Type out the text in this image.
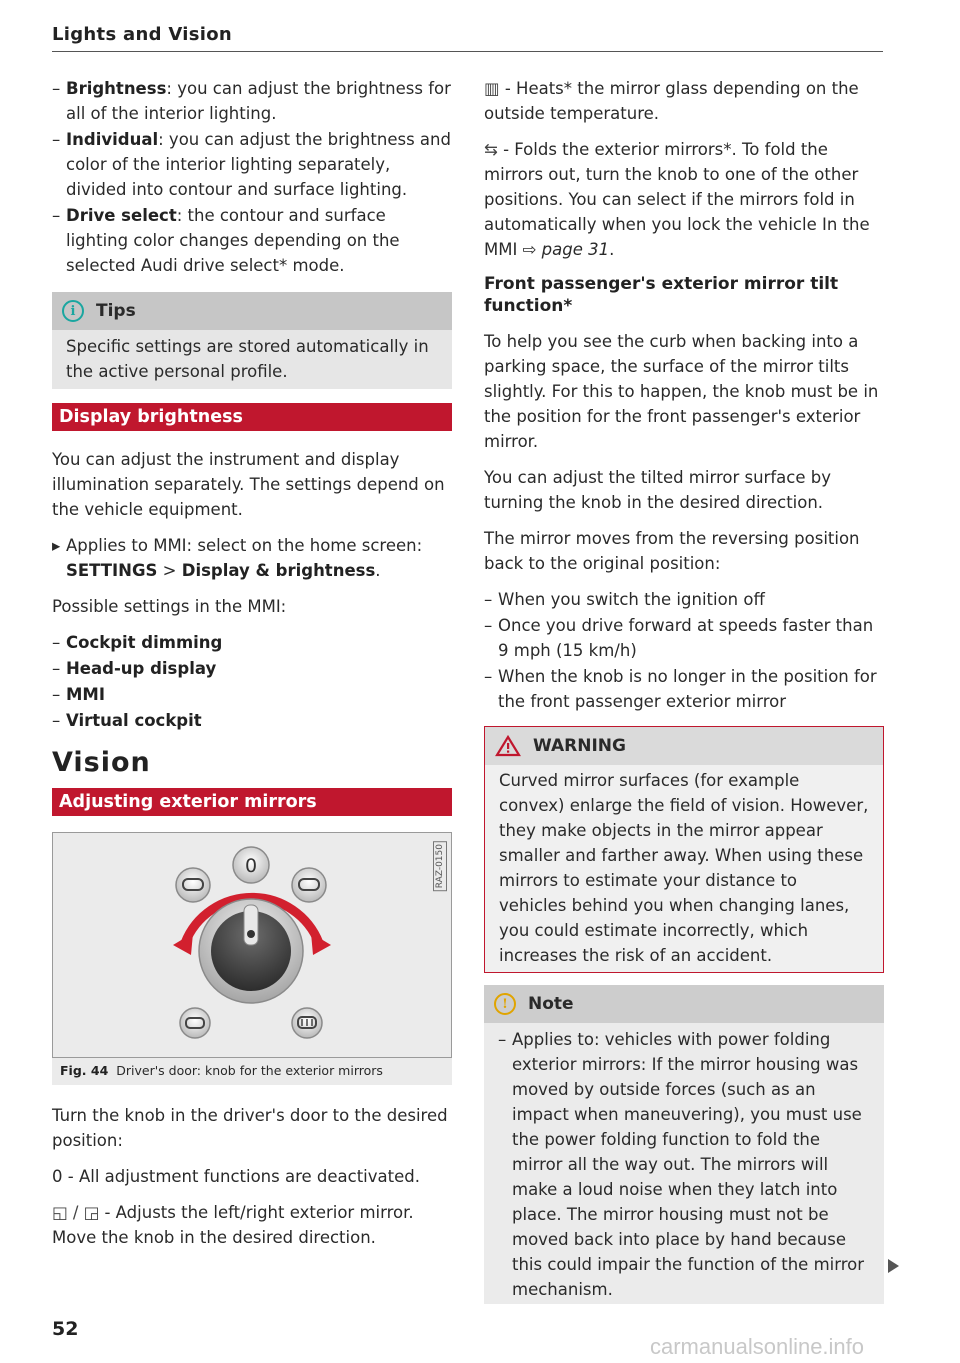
Lights and Vision
– Brightness: you can adjust the brightness for all of the interior lighting.
– Individual: you can adjust the brightness and color of the interior lighting separately, divided into contour and surface lighting.
– Drive select: the contour and surface lighting color changes depending on the selected Audi drive select* mode.
i	Tips

Specific settings are stored automatically in the active personal profile.

Display brightness

You can adjust the instrument and display illumination separately. The settings depend on the vehicle equipment.

▸ Applies to MMI: select on the home screen:
SETTINGS > Display & brightness.

Possible settings in the MMI:

– Cockpit dimming
– Head-up display
– MMI
– Virtual cockpit
Vision
Adjusting exterior mirrors
RAZ-0150
0
Fig. 44 Driver's door: knob for the exterior mirrors

Turn the knob in the driver's door to the desired position:

0 - All adjustment functions are deactivated.

◱ / ◲ - Adjusts the left/right exterior mirror. Move the knob in the desired direction.

▥ - Heats* the mirror glass depending on the outside temperature.

⇆ - Folds the exterior mirrors*. To fold the mirrors out, turn the knob to one of the other positions. You can select if the mirrors fold in automatically when you lock the vehicle In the MMI ⇨ page 31.

Front passenger's exterior mirror tilt function*

To help you see the curb when backing into a parking space, the surface of the mirror tilts slightly. For this to happen, the knob must be in the position for the front passenger's exterior mirror.

You can adjust the tilted mirror surface by turning the knob in the desired direction.

The mirror moves from the reversing position back to the original position:

– When you switch the ignition off
– Once you drive forward at speeds faster than 9 mph (15 km/h)
– When the knob is no longer in the position for the front passenger exterior mirror
WARNING

Curved mirror surfaces (for example convex) enlarge the field of vision. However, they make objects in the mirror appear smaller and farther away. When using these mirrors to estimate your distance to vehicles behind you when changing lanes, you could estimate incorrectly, which increases the risk of an accident.

!	Note
– Applies to: vehicles with power folding exterior mirrors: If the mirror housing was moved by outside forces (such as an impact when maneuvering), you must use the power folding function to fold the mirror all the way out. The mirrors will make a loud noise when they latch into place. The mirror housing must not be moved back into place by hand because this could impair the function of the mirror mechanism.
52
carmanualsonline.info
